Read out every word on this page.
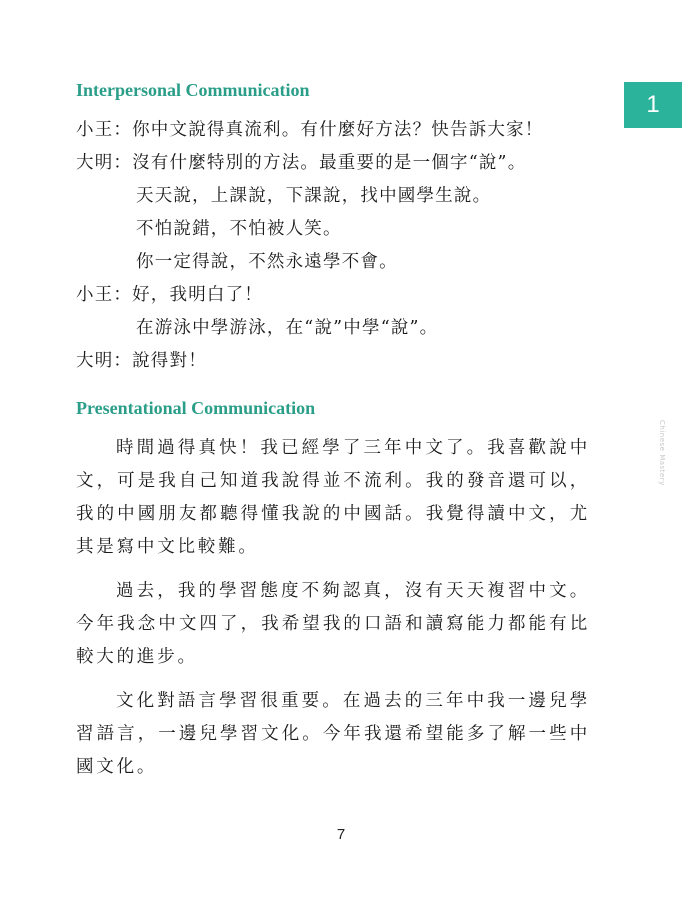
1
Chinese Mastery
Interpersonal Communication
小王：你中文說得真流利。有什麼好方法？快告訴大家！
大明：沒有什麼特別的方法。最重要的是一個字“說”。
天天說，上課說，下課說，找中國學生說。
不怕說錯，不怕被人笑。
你一定得說，不然永遠學不會。
小王：好，我明白了！
在游泳中學游泳，在“說”中學“說”。
大明：說得對！
Presentational Communication

時間過得真快！我已經學了三年中文了。我喜歡說中文，可是我自己知道我說得並不流利。我的發音還可以，我的中國朋友都聽得懂我說的中國話。我覺得讀中文，尤其是寫中文比較難。

過去，我的學習態度不夠認真，沒有天天複習中文。今年我念中文四了，我希望我的口語和讀寫能力都能有比較大的進步。

文化對語言學習很重要。在過去的三年中我一邊兒學習語言，一邊兒學習文化。今年我還希望能多了解一些中國文化。

7
